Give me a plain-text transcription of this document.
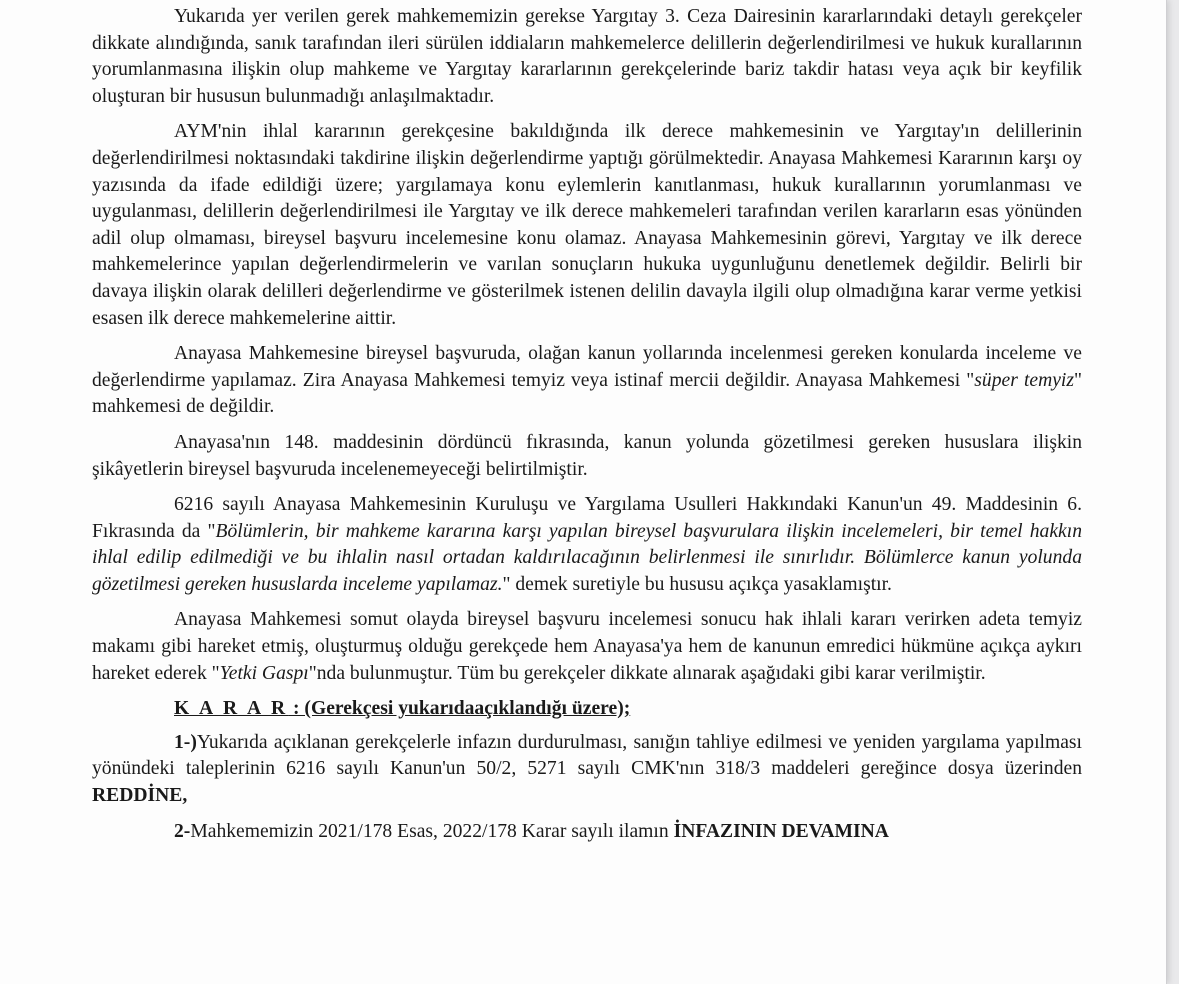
Yukarıda yer verilen gerek mahkememizin gerekse Yargıtay 3. Ceza Dairesinin kararlarındaki detaylı gerekçeler dikkate alındığında, sanık tarafından ileri sürülen iddiaların mahkemelerce delillerin değerlendirilmesi ve hukuk kurallarının yorumlanmasına ilişkin olup mahkeme ve Yargıtay kararlarının gerekçelerinde bariz takdir hatası veya açık bir keyfilik oluşturan bir hususun bulunmadığı anlaşılmaktadır.

AYM'nin ihlal kararının gerekçesine bakıldığında ilk derece mahkemesinin ve Yargıtay'ın delillerinin değerlendirilmesi noktasındaki takdirine ilişkin değerlendirme yaptığı görülmektedir. Anayasa Mahkemesi Kararının karşı oy yazısında da ifade edildiği üzere; yargılamaya konu eylemlerin kanıtlanması, hukuk kurallarının yorumlanması ve uygulanması, delillerin değerlendirilmesi ile Yargıtay ve ilk derece mahkemeleri tarafından verilen kararların esas yönünden adil olup olmaması, bireysel başvuru incelemesine konu olamaz. Anayasa Mahkemesinin görevi, Yargıtay ve ilk derece mahkemelerince yapılan değerlendirmelerin ve varılan sonuçların hukuka uygunluğunu denetlemek değildir. Belirli bir davaya ilişkin olarak delilleri değerlendirme ve gösterilmek istenen delilin davayla ilgili olup olmadığına karar verme yetkisi esasen ilk derece mahkemelerine aittir.

Anayasa Mahkemesine bireysel başvuruda, olağan kanun yollarında incelenmesi gereken konularda inceleme ve değerlendirme yapılamaz. Zira Anayasa Mahkemesi temyiz veya istinaf mercii değildir. Anayasa Mahkemesi "süper temyiz" mahkemesi de değildir.

Anayasa'nın 148. maddesinin dördüncü fıkrasında, kanun yolunda gözetilmesi gereken hususlara ilişkin şikâyetlerin bireysel başvuruda incelenemeyeceği belirtilmiştir.

6216 sayılı Anayasa Mahkemesinin Kuruluşu ve Yargılama Usulleri Hakkındaki Kanun'un 49. Maddesinin 6. Fıkrasında da "Bölümlerin, bir mahkeme kararına karşı yapılan bireysel başvurulara ilişkin incelemeleri, bir temel hakkın ihlal edilip edilmediği ve bu ihlalin nasıl ortadan kaldırılacağının belirlenmesi ile sınırlıdır. Bölümlerce kanun yolunda gözetilmesi gereken hususlarda inceleme yapılamaz." demek suretiyle bu hususu açıkça yasaklamıştır.

Anayasa Mahkemesi somut olayda bireysel başvuru incelemesi sonucu hak ihlali kararı verirken adeta temyiz makamı gibi hareket etmiş, oluşturmuş olduğu gerekçede hem Anayasa'ya hem de kanunun emredici hükmüne açıkça aykırı hareket ederek "Yetki Gaspı"nda bulunmuştur. Tüm bu gerekçeler dikkate alınarak aşağıdaki gibi karar verilmiştir.

K A R A R : (Gerekçesi yukarıdaaçıklandığı üzere);

1-)Yukarıda açıklanan gerekçelerle infazın durdurulması, sanığın tahliye edilmesi ve yeniden yargılama yapılması yönündeki taleplerinin 6216 sayılı Kanun'un 50/2, 5271 sayılı CMK'nın 318/3 maddeleri gereğince dosya üzerinden REDDİNE,

2-Mahkememizin 2021/178 Esas, 2022/178 Karar sayılı ilamın İNFAZININ DEVAMINA
